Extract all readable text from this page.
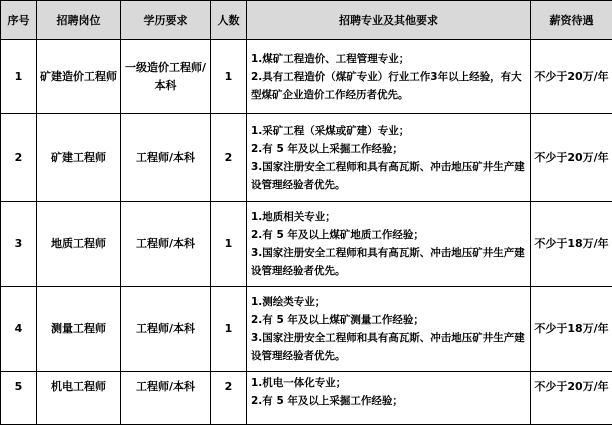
序号	招聘岗位	学历要求	人数	招聘专业及其他要求	薪资待遇
1	矿建造价工程师	一级造价工程师/本科	1	1.煤矿工程造价、工程管理专业；
2.具有工程造价（煤矿专业）行业工作3年以上经验，有大型煤矿企业造价工作经历者优先。	不少于20万/年
2	矿建工程师	工程师/本科	2	1.采矿工程（采煤或矿建）专业；
2.有 5 年及以上采掘工作经验；
3.国家注册安全工程师和具有高瓦斯、冲击地压矿井生产建设管理经验者优先。	不少于20万/年
3	地质工程师	工程师/本科	1	1.地质相关专业；
2.有 5 年及以上煤矿地质工作经验；
3.国家注册安全工程师和具有高瓦斯、冲击地压矿井生产建设管理经验者优先。	不少于18万/年
4	测量工程师	工程师/本科	1	1.测绘类专业；
2.有 5 年及以上煤矿测量工作经验；
3.国家注册安全工程师和具有高瓦斯、冲击地压矿井生产建设管理经验者优先。	不少于18万/年
5	机电工程师	工程师/本科	2	1.机电一体化专业；
2.有 5 年及以上采掘工作经验；	不少于20万/年
